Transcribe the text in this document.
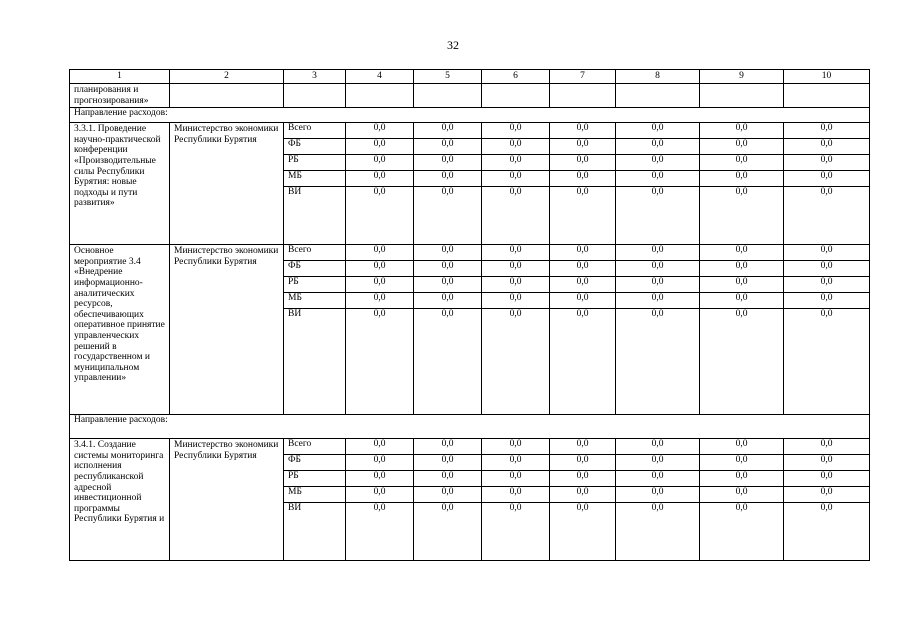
32
1	2	3	4	5	6	7	8	9	10
планирования и прогнозирования»									
Направление расходов:									
3.3.1. Проведение научно-практической конференции «Производительные силы Республики Бурятия: новые подходы и пути развития»	Министерство экономики Республики Бурятия	Всего	0,0	0,0	0,0	0,0	0,0	0,0	0,0
		ФБ	0,0	0,0	0,0	0,0	0,0	0,0	0,0
		РБ	0,0	0,0	0,0	0,0	0,0	0,0	0,0
		МБ	0,0	0,0	0,0	0,0	0,0	0,0	0,0
		ВИ	0,0	0,0	0,0	0,0	0,0	0,0	0,0
Основное мероприятие 3.4 «Внедрение информационно-аналитических ресурсов, обеспечивающих оперативное принятие управленческих решений в государственном и муниципальном управлении»	Министерство экономики Республики Бурятия	Всего	0,0	0,0	0,0	0,0	0,0	0,0	0,0
		ФБ	0,0	0,0	0,0	0,0	0,0	0,0	0,0
		РБ	0,0	0,0	0,0	0,0	0,0	0,0	0,0
		МБ	0,0	0,0	0,0	0,0	0,0	0,0	0,0
		ВИ	0,0	0,0	0,0	0,0	0,0	0,0	0,0
Направление расходов:									
3.4.1. Создание системы мониторинга исполнения республиканской адресной инвестиционной программы Республики Бурятия и	Министерство экономики Республики Бурятия	Всего	0,0	0,0	0,0	0,0	0,0	0,0	0,0
		ФБ	0,0	0,0	0,0	0,0	0,0	0,0	0,0
		РБ	0,0	0,0	0,0	0,0	0,0	0,0	0,0
		МБ	0,0	0,0	0,0	0,0	0,0	0,0	0,0
		ВИ	0,0	0,0	0,0	0,0	0,0	0,0	0,0
